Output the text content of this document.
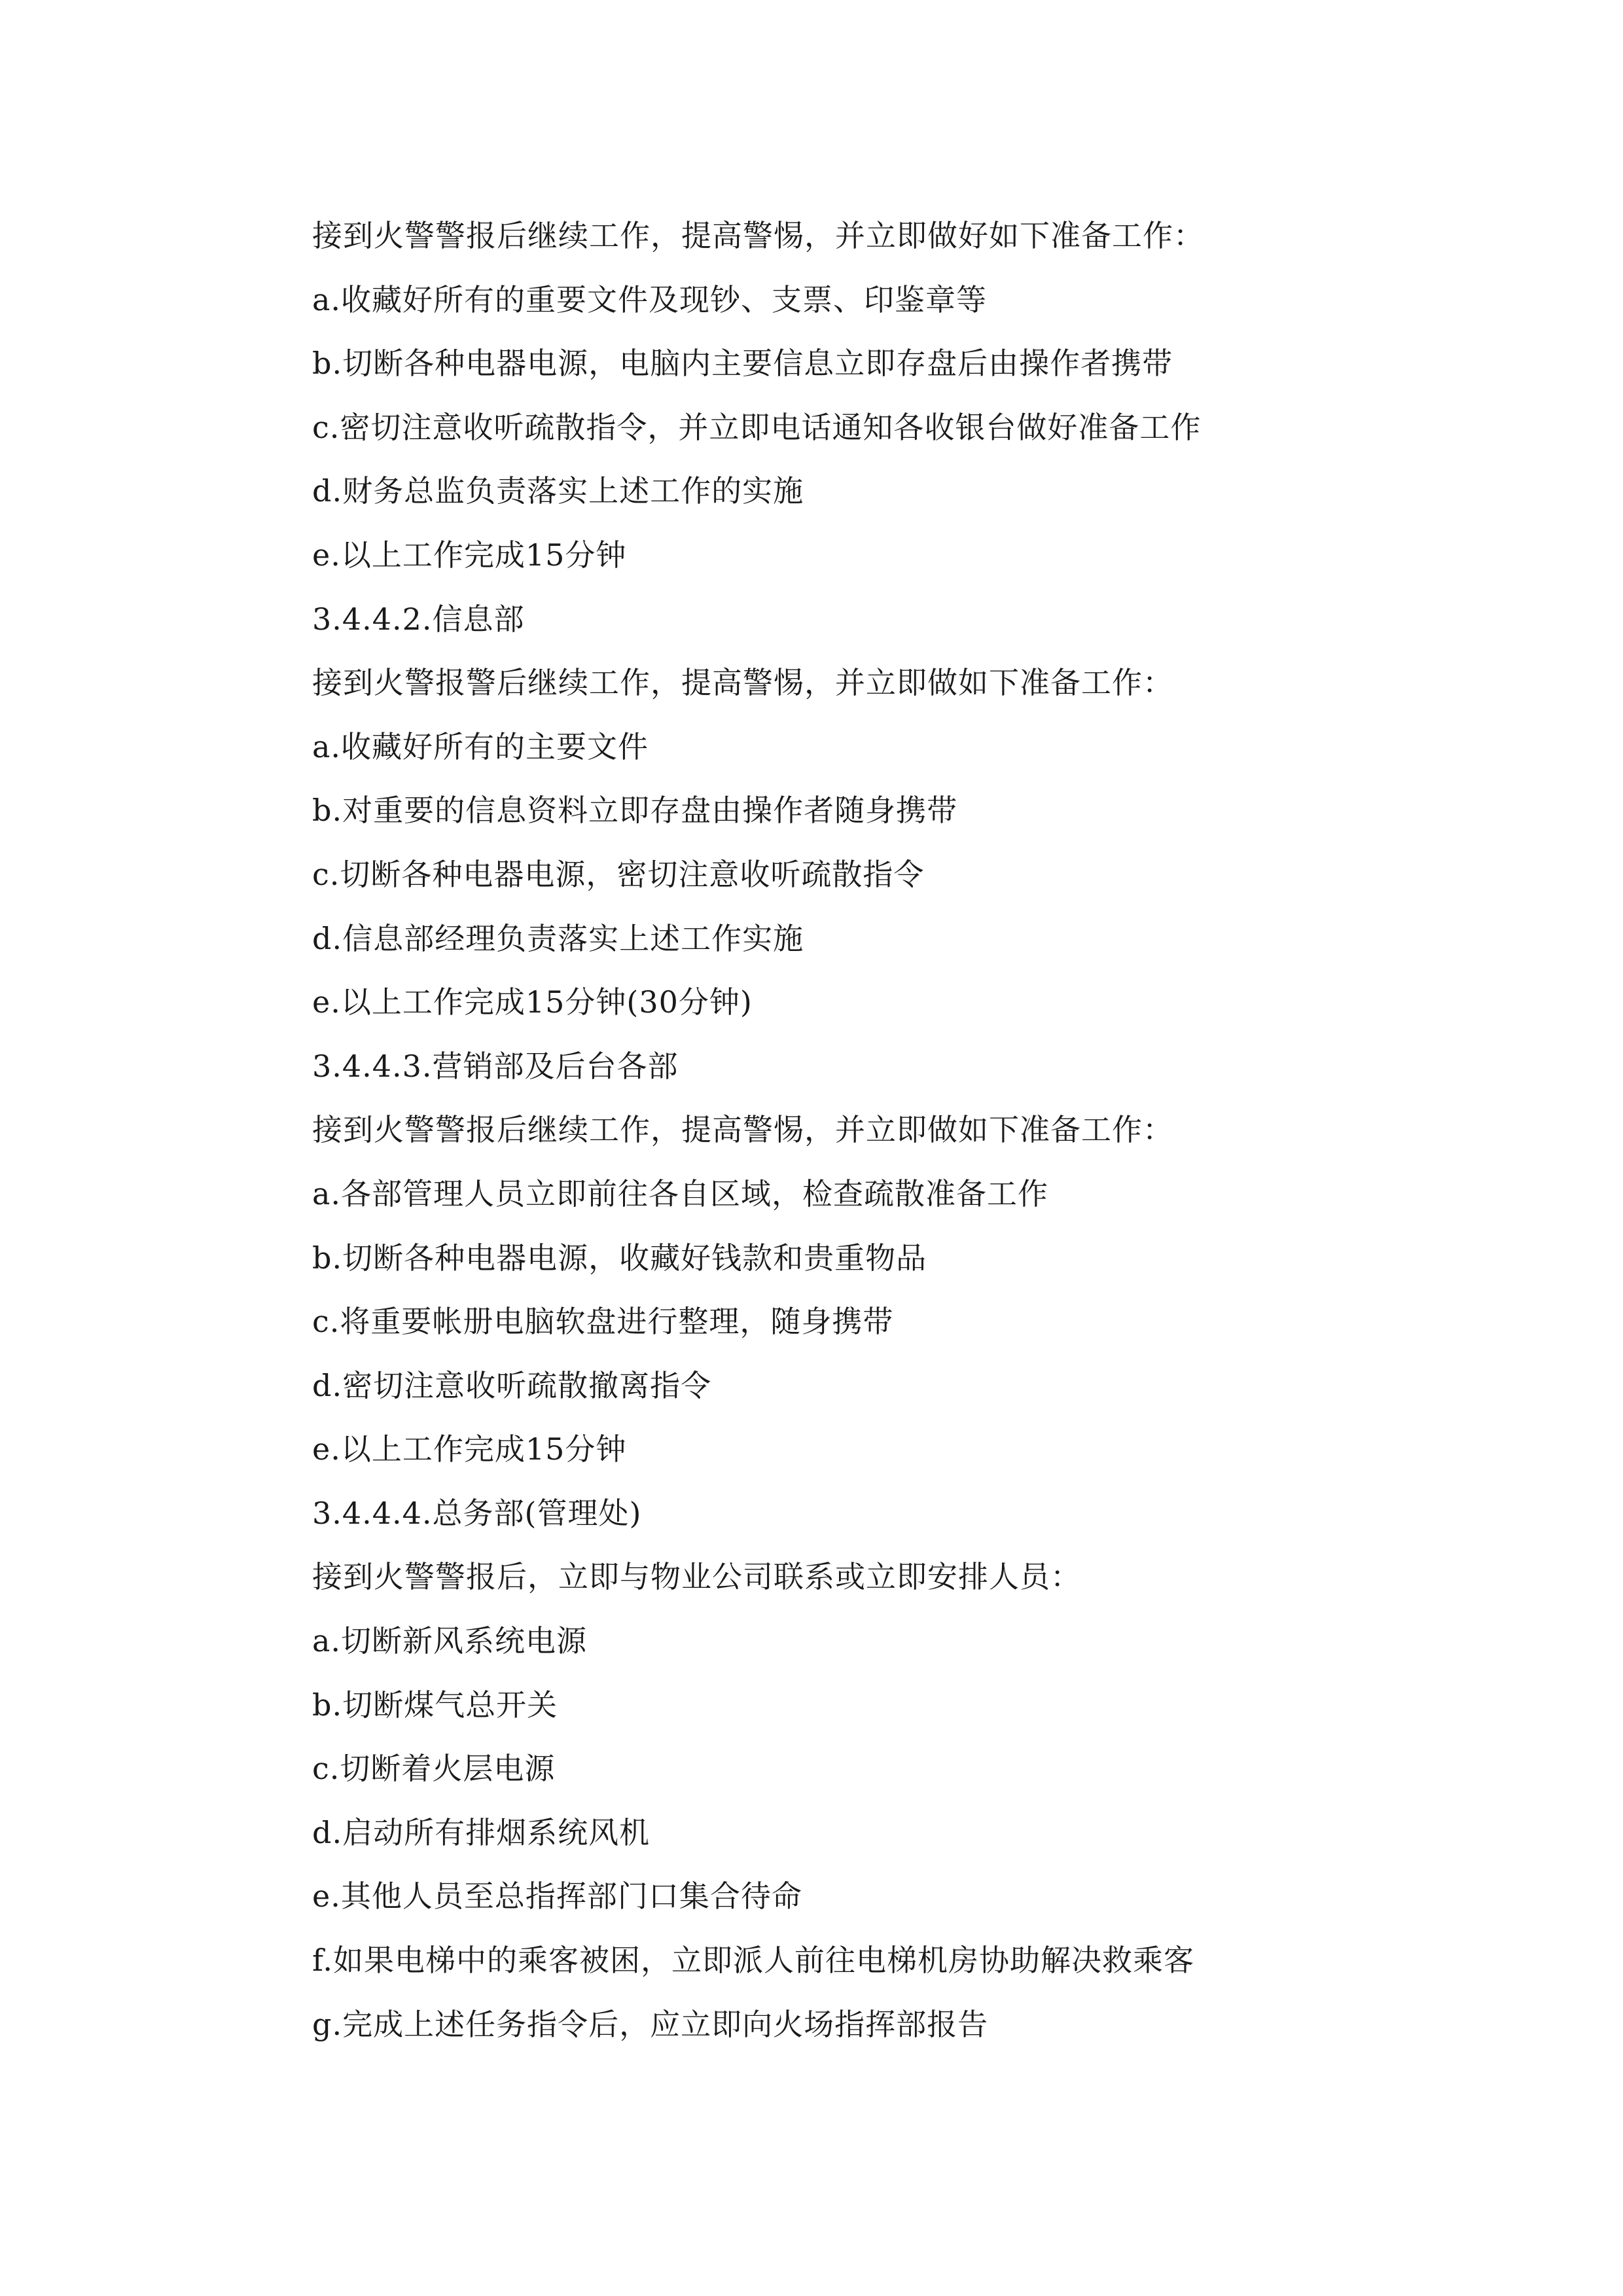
接到火警警报后继续工作，提高警惕，并立即做好如下准备工作：
a.收藏好所有的重要文件及现钞、支票、印鉴章等
b.切断各种电器电源，电脑内主要信息立即存盘后由操作者携带
c.密切注意收听疏散指令，并立即电话通知各收银台做好准备工作
d.财务总监负责落实上述工作的实施
e.以上工作完成15分钟
3.4.4.2.信息部
接到火警报警后继续工作，提高警惕，并立即做如下准备工作：
a.收藏好所有的主要文件
b.对重要的信息资料立即存盘由操作者随身携带
c.切断各种电器电源，密切注意收听疏散指令
d.信息部经理负责落实上述工作实施
e.以上工作完成15分钟(30分钟)
3.4.4.3.营销部及后台各部
接到火警警报后继续工作，提高警惕，并立即做如下准备工作：
a.各部管理人员立即前往各自区域，检查疏散准备工作
b.切断各种电器电源，收藏好钱款和贵重物品
c.将重要帐册电脑软盘进行整理，随身携带
d.密切注意收听疏散撤离指令
e.以上工作完成15分钟
3.4.4.4.总务部(管理处)
接到火警警报后，立即与物业公司联系或立即安排人员：
a.切断新风系统电源
b.切断煤气总开关
c.切断着火层电源
d.启动所有排烟系统风机
e.其他人员至总指挥部门口集合待命
f.如果电梯中的乘客被困，立即派人前往电梯机房协助解决救乘客
g.完成上述任务指令后，应立即向火场指挥部报告
